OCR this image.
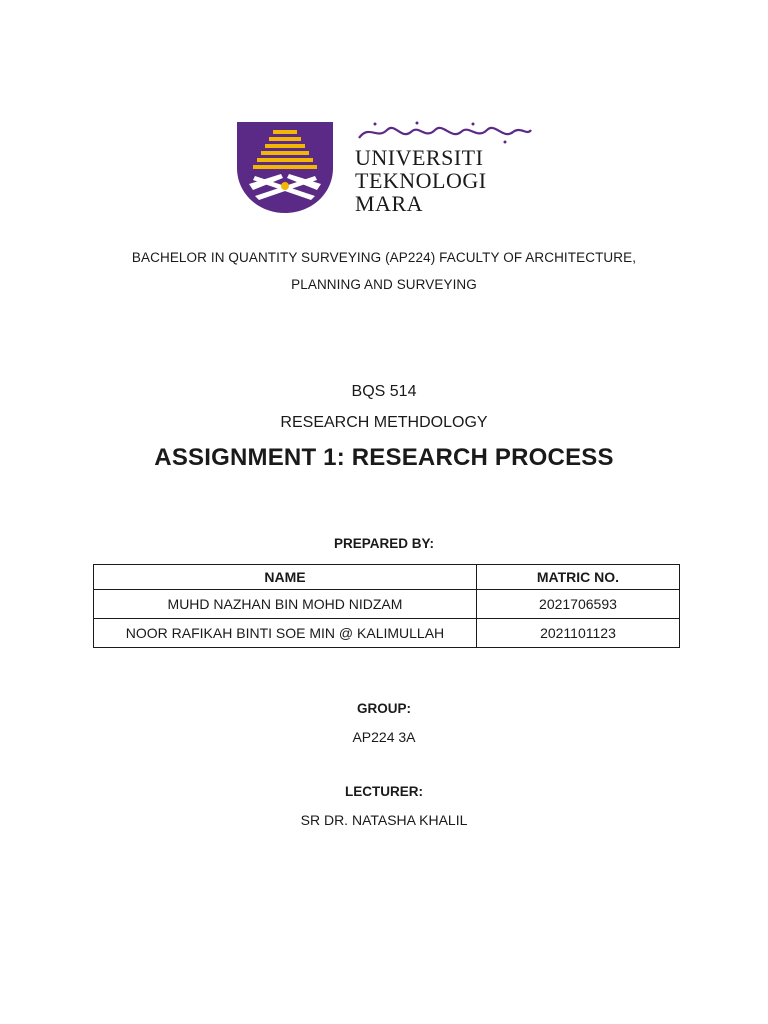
UNIVERSITI
TEKNOLOGI
MARA
BACHELOR IN QUANTITY SURVEYING (AP224) FACULTY OF ARCHITECTURE,
PLANNING AND SURVEYING
BQS 514
RESEARCH METHDOLOGY
ASSIGNMENT 1: RESEARCH PROCESS
PREPARED BY:
NAME	MATRIC NO.
MUHD NAZHAN BIN MOHD NIDZAM	2021706593
NOOR RAFIKAH BINTI SOE MIN @ KALIMULLAH	2021101123
GROUP:
AP224 3A
LECTURER:
SR DR. NATASHA KHALIL
